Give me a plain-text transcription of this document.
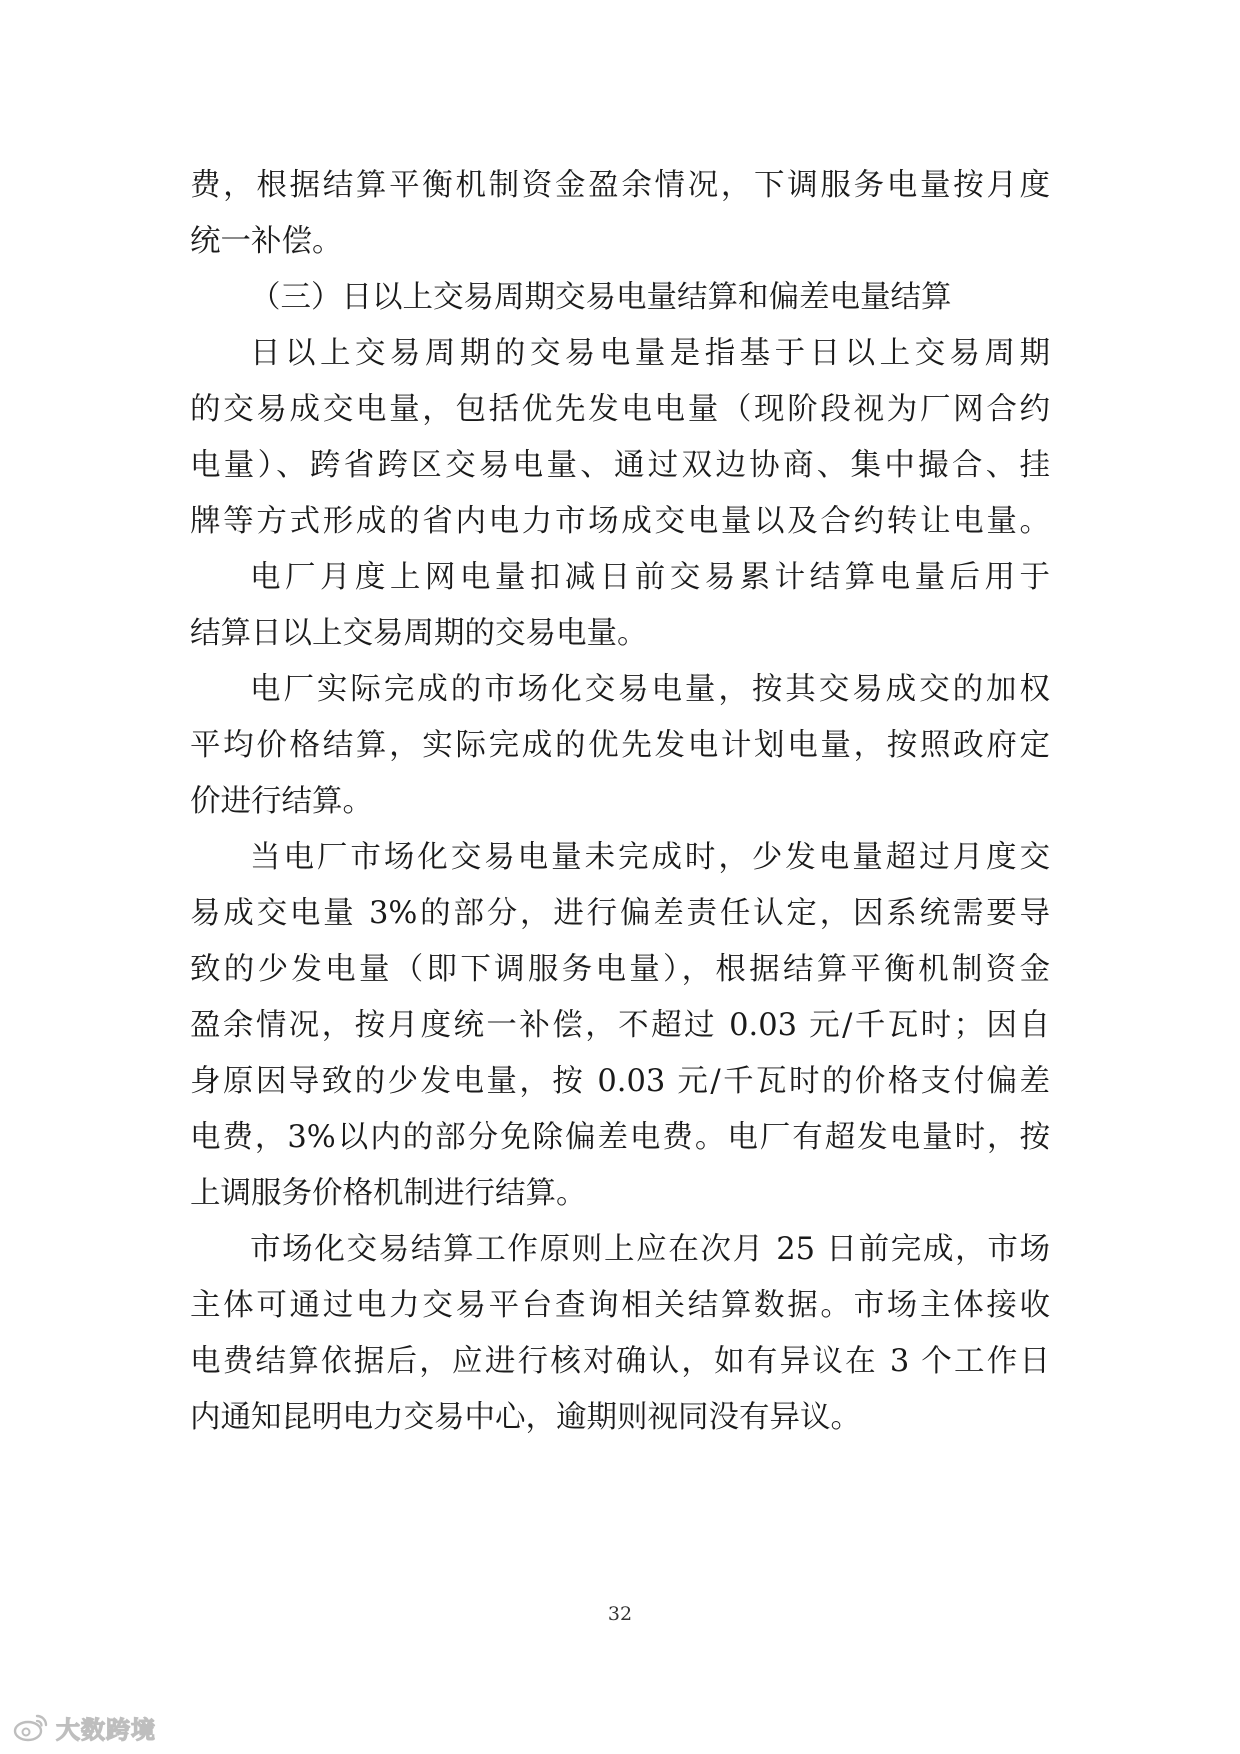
费，根据结算平衡机制资金盈余情况，下调服务电量按月度
统一补偿。
（三）日以上交易周期交易电量结算和偏差电量结算
日以上交易周期的交易电量是指基于日以上交易周期
的交易成交电量，包括优先发电电量（现阶段视为厂网合约
电量）、跨省跨区交易电量、通过双边协商、集中撮合、挂
牌等方式形成的省内电力市场成交电量以及合约转让电量。
电厂月度上网电量扣减日前交易累计结算电量后用于
结算日以上交易周期的交易电量。
电厂实际完成的市场化交易电量，按其交易成交的加权
平均价格结算，实际完成的优先发电计划电量，按照政府定
价进行结算。
当电厂市场化交易电量未完成时，少发电量超过月度交
易成交电量 3%的部分，进行偏差责任认定，因系统需要导
致的少发电量（即下调服务电量），根据结算平衡机制资金
盈余情况，按月度统一补偿，不超过 0.03 元/千瓦时；因自
身原因导致的少发电量，按 0.03 元/千瓦时的价格支付偏差
电费，3%以内的部分免除偏差电费。电厂有超发电量时，按
上调服务价格机制进行结算。
市场化交易结算工作原则上应在次月 25 日前完成，市场
主体可通过电力交易平台查询相关结算数据。市场主体接收
电费结算依据后，应进行核对确认，如有异议在 3 个工作日
内通知昆明电力交易中心，逾期则视同没有异议。
32
大数跨境
